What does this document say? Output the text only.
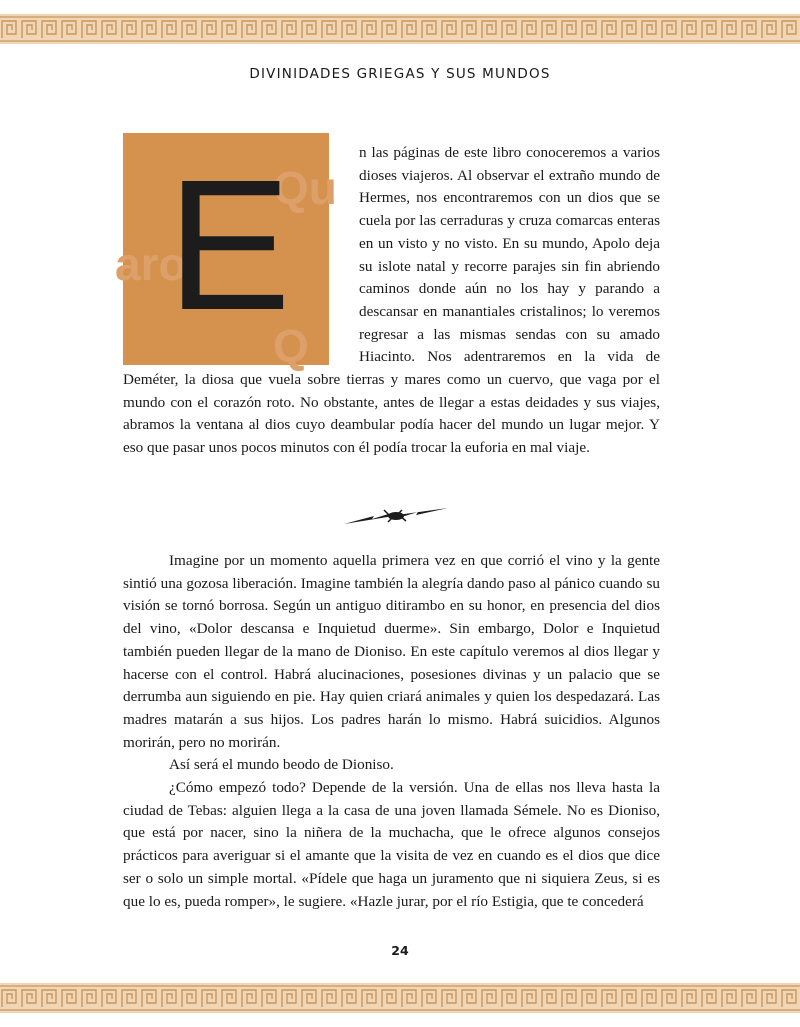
DIVINIDADES GRIEGAS Y SUS MUNDOS
Qu
aro
Q
E	n las páginas de este libro conoceremos a varios dioses viajeros. Al observar el extraño mundo de Hermes, nos encontraremos con un dios que se cuela por las cerraduras y cruza comarcas enteras en un visto y no visto. En su mundo, Apolo deja su islote natal y recorre parajes sin fin abriendo caminos donde aún no los hay y parando a descansar en manantiales cristalinos; lo veremos regresar a las mismas sendas con su amado Hiacinto. Nos adentraremos en la vida de Deméter, la diosa que vuela sobre tierras y mares como un cuervo, que vaga por el mundo con el corazón roto. No obstante, antes de llegar a estas deidades y sus viajes, abramos la ventana al dios cuyo deambular podía hacer del mundo un lugar mejor. Y eso que pasar unos pocos minutos con él podía trocar la euforia en mal viaje.

Imagine por un momento aquella primera vez en que corrió el vino y la gente sintió una gozosa liberación. Imagine también la alegría dando paso al pánico cuando su visión se tornó borrosa. Según un antiguo ditirambo en su honor, en presencia del dios del vino, «Dolor descansa e Inquietud duerme». Sin embargo, Dolor e Inquietud también pueden llegar de la mano de Dioniso. En este capítulo veremos al dios llegar y hacerse con el control. Habrá alucinaciones, posesiones divinas y un palacio que se derrumba aun siguiendo en pie. Hay quien criará animales y quien los despedazará. Las madres matarán a sus hijos. Los padres harán lo mismo. Habrá suicidios. Algunos morirán, pero no morirán.

Así será el mundo beodo de Dioniso.

¿Cómo empezó todo? Depende de la versión. Una de ellas nos lleva hasta la ciudad de Tebas: alguien llega a la casa de una joven llamada Sémele. No es Dioniso, que está por nacer, sino la niñera de la muchacha, que le ofrece algunos consejos prácticos para averiguar si el amante que la visita de vez en cuando es el dios que dice ser o solo un simple mortal. «Pídele que haga un juramento que ni siquiera Zeus, si es que lo es, pueda romper», le sugiere. «Hazle jurar, por el río Estigia, que te concederá

24
